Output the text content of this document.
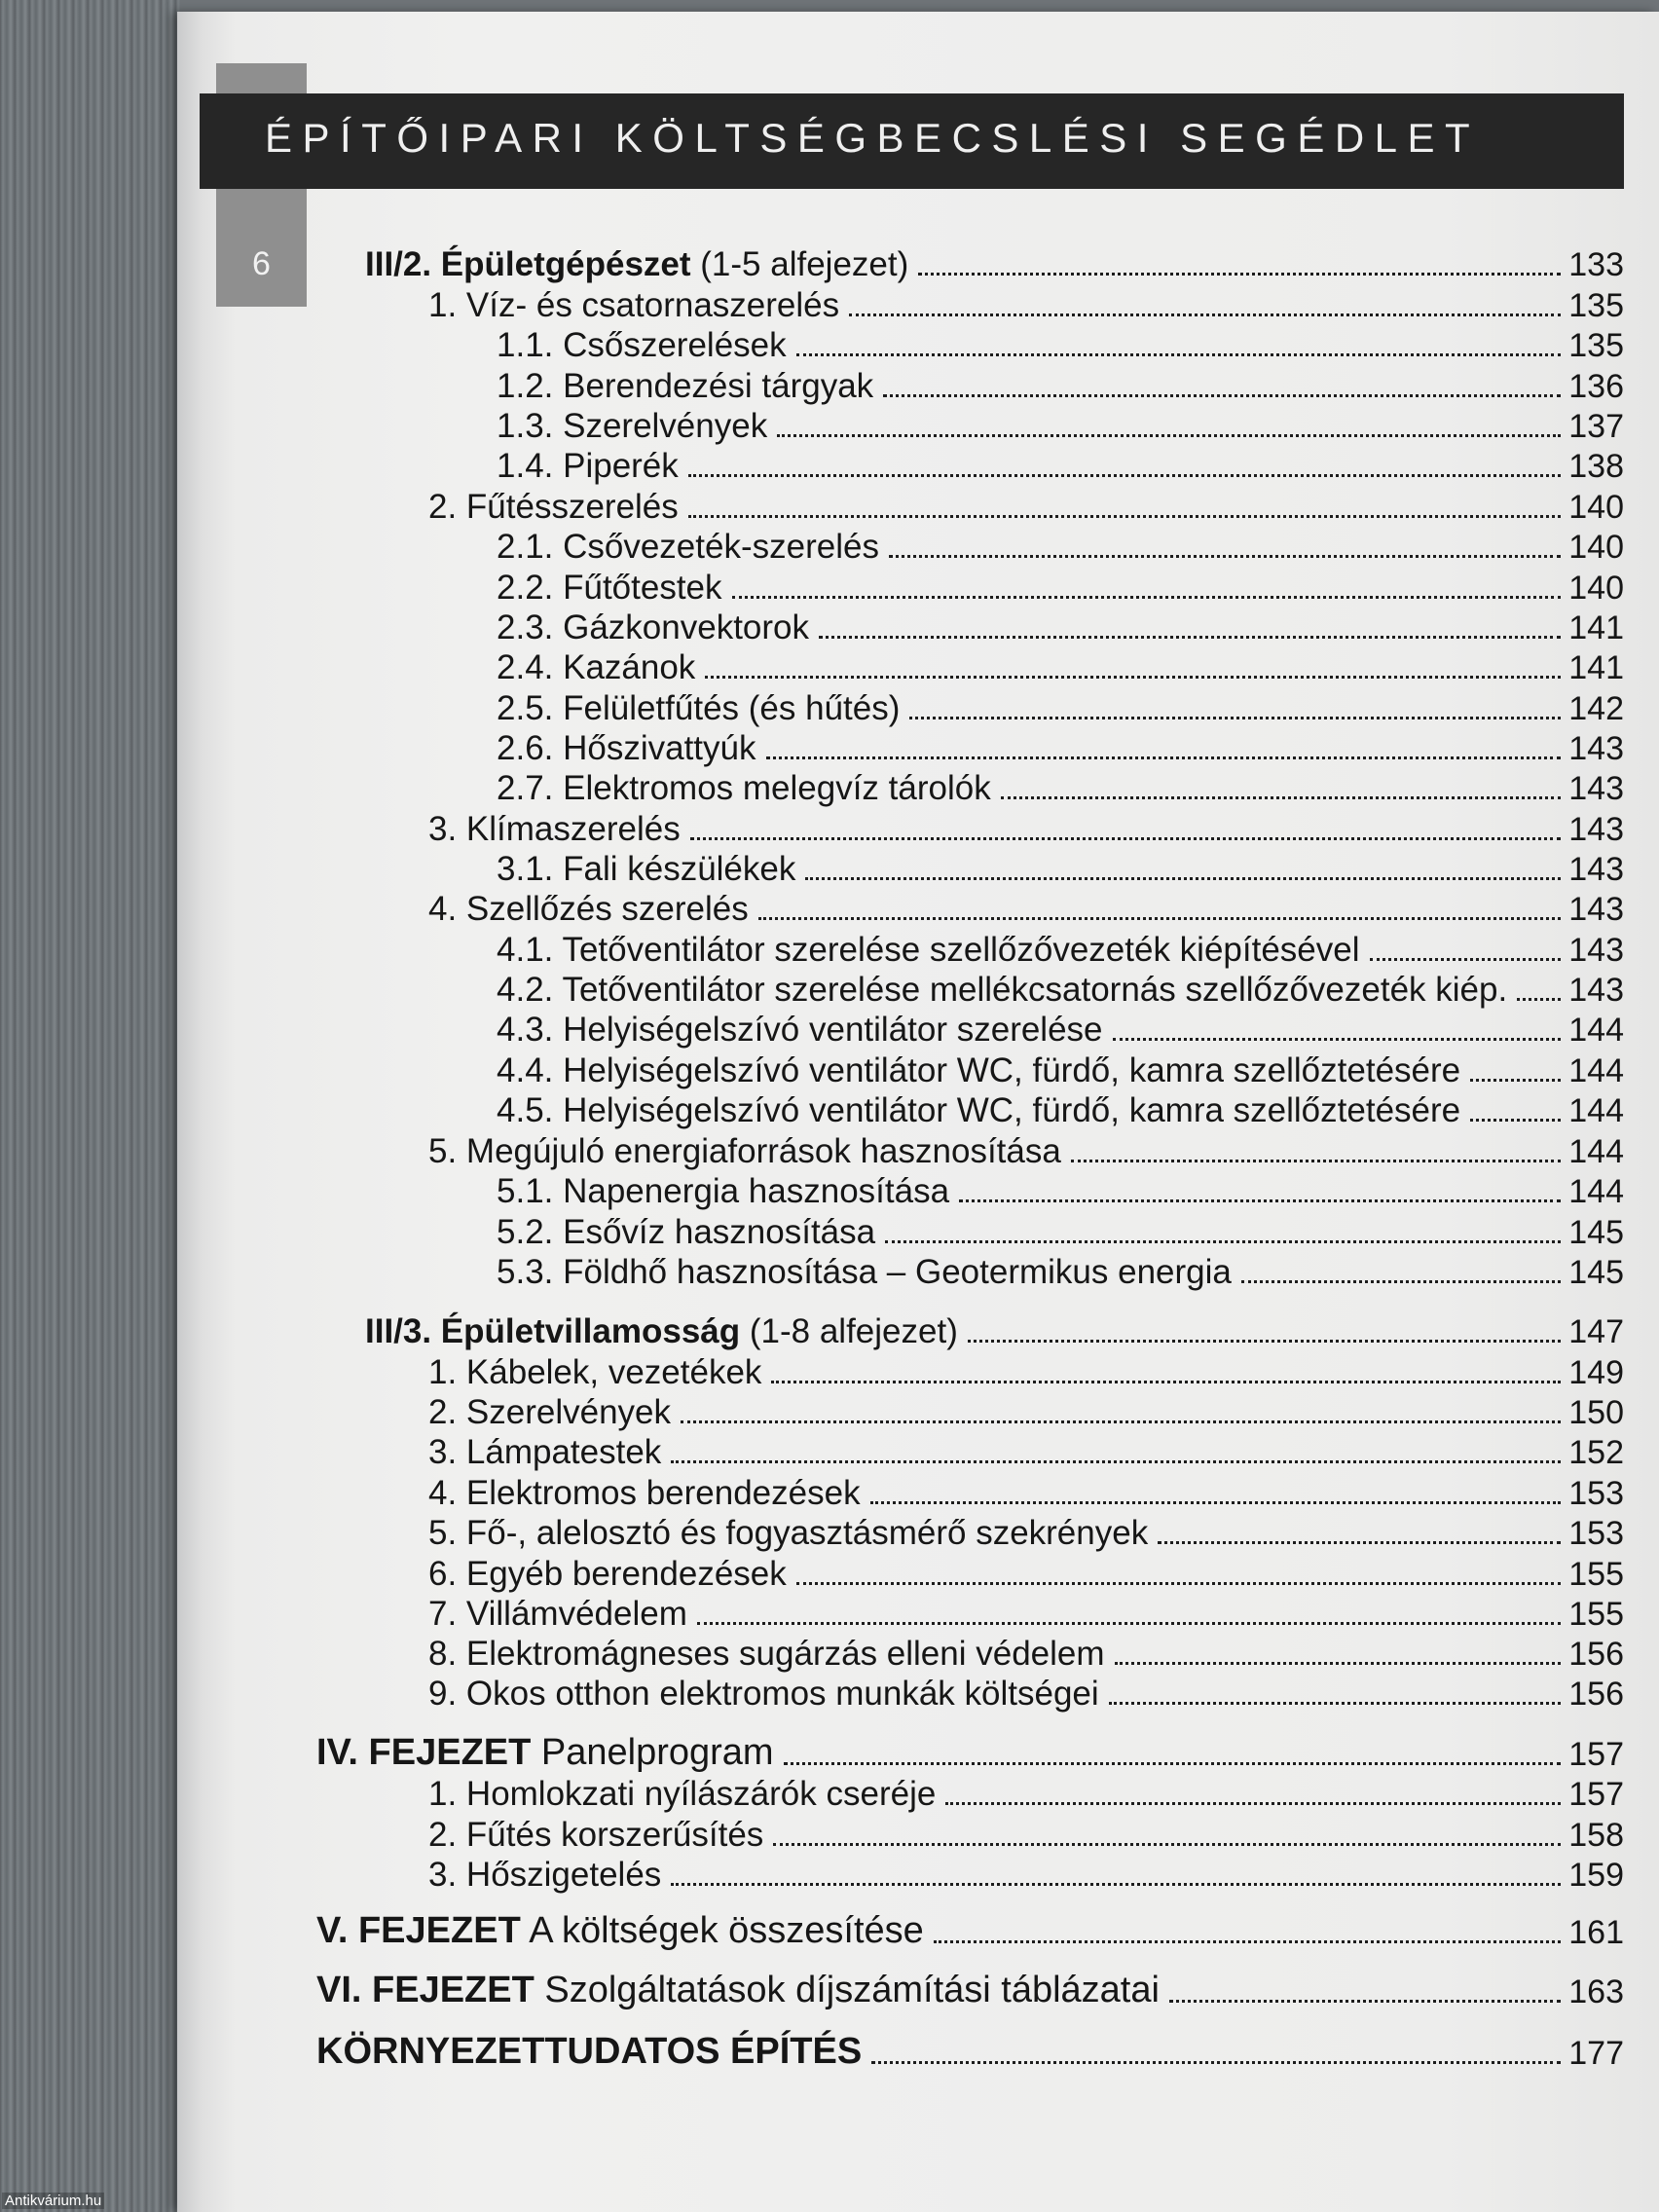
6
ÉPÍTŐIPARI KÖLTSÉGBECSLÉSI SEGÉDLET
III/2. Épületgépészet (1-5 alfejezet)	133
1. Víz- és csatornaszerelés	135
1.1. Csőszerelések	135
1.2. Berendezési tárgyak	136
1.3. Szerelvények	137
1.4. Piperék	138
2. Fűtésszerelés	140
2.1. Csővezeték-szerelés	140
2.2. Fűtőtestek	140
2.3. Gázkonvektorok	141
2.4. Kazánok	141
2.5. Felületfűtés (és hűtés)	142
2.6. Hőszivattyúk	143
2.7. Elektromos melegvíz tárolók	143
3. Klímaszerelés	143
3.1. Fali készülékek	143
4. Szellőzés szerelés	143
4.1. Tetőventilátor szerelése szellőzővezeték kiépítésével	143
4.2. Tetőventilátor szerelése mellékcsatornás szellőzővezeték kiép. 143
4.3. Helyiségelszívó ventilátor szerelése	144
4.4. Helyiségelszívó ventilátor WC, fürdő, kamra szellőztetésére	144
4.5. Helyiségelszívó ventilátor WC, fürdő, kamra szellőztetésére	144
5. Megújuló energiaforrások hasznosítása	144
5.1. Napenergia hasznosítása	144
5.2. Esővíz hasznosítása	145
5.3. Földhő hasznosítása – Geotermikus energia	145
III/3. Épületvillamosság (1-8 alfejezet)	147
1. Kábelek, vezetékek	149
2. Szerelvények	150
3. Lámpatestek	152
4. Elektromos berendezések	153
5. Fő-, alelosztó és fogyasztásmérő szekrények	153
6. Egyéb berendezések	155
7. Villámvédelem	155
8. Elektromágneses sugárzás elleni védelem	156
9. Okos otthon elektromos munkák költségei	156
IV. FEJEZET Panelprogram	157
1. Homlokzati nyílászárók cseréje	157
2. Fűtés korszerűsítés	158
3. Hőszigetelés	159
V. FEJEZET A költségek összesítése	161
VI. FEJEZET Szolgáltatások díjszámítási táblázatai	163
KÖRNYEZETTUDATOS ÉPÍTÉS	177
Antikvárium.hu
